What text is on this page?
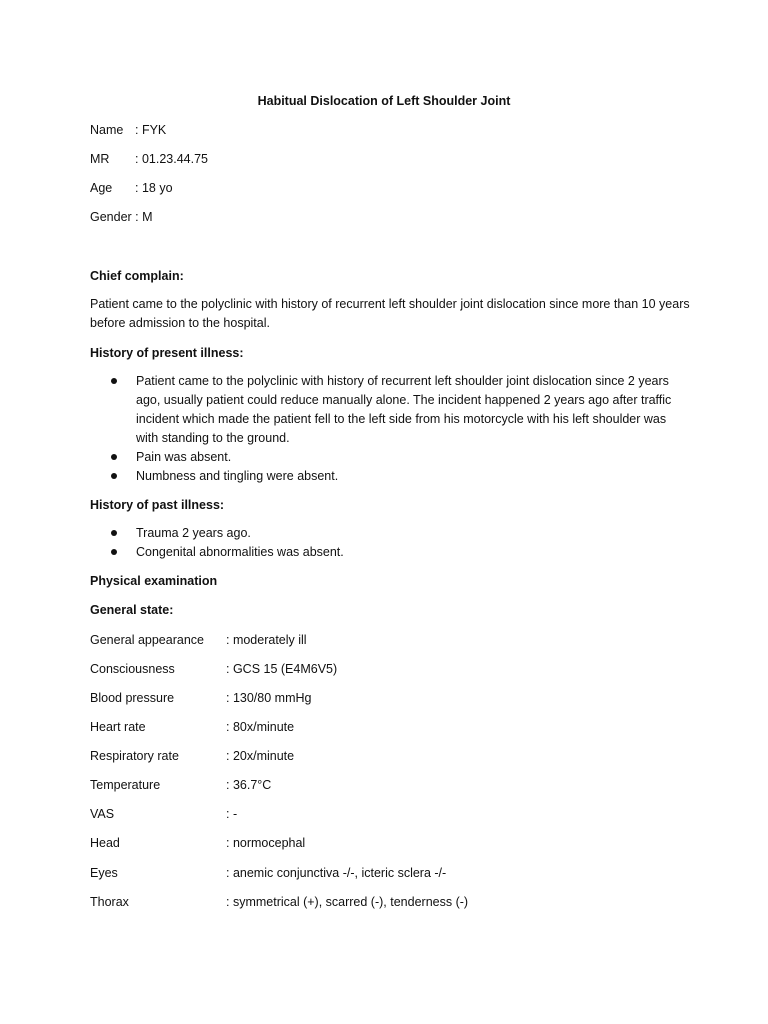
Habitual Dislocation of Left Shoulder Joint
Name : FYK
MR : 01.23.44.75
Age : 18 yo
Gender : M
Chief complain:
Patient came to the polyclinic with history of recurrent left shoulder joint dislocation since more than 10 years before admission to the hospital.
History of present illness:
Patient came to the polyclinic with history of recurrent left shoulder joint dislocation since 2 years ago, usually patient could reduce manually alone. The incident happened 2 years ago after traffic incident which made the patient fell to the left side from his motorcycle with his left shoulder was with standing to the ground.
Pain was absent.
Numbness and tingling were absent.
History of past illness:
Trauma 2 years ago.
Congenital abnormalities was absent.
Physical examination
General state:
General appearance : moderately ill
Consciousness	: GCS 15 (E4M6V5)
Blood pressure	: 130/80 mmHg
Heart rate	: 80x/minute
Respiratory rate	: 20x/minute
Temperature	: 36.7°C
VAS	: -
Head	: normocephal
Eyes	: anemic conjunctiva -/-, icteric sclera -/-
Thorax	: symmetrical (+), scarred (-), tenderness (-)
